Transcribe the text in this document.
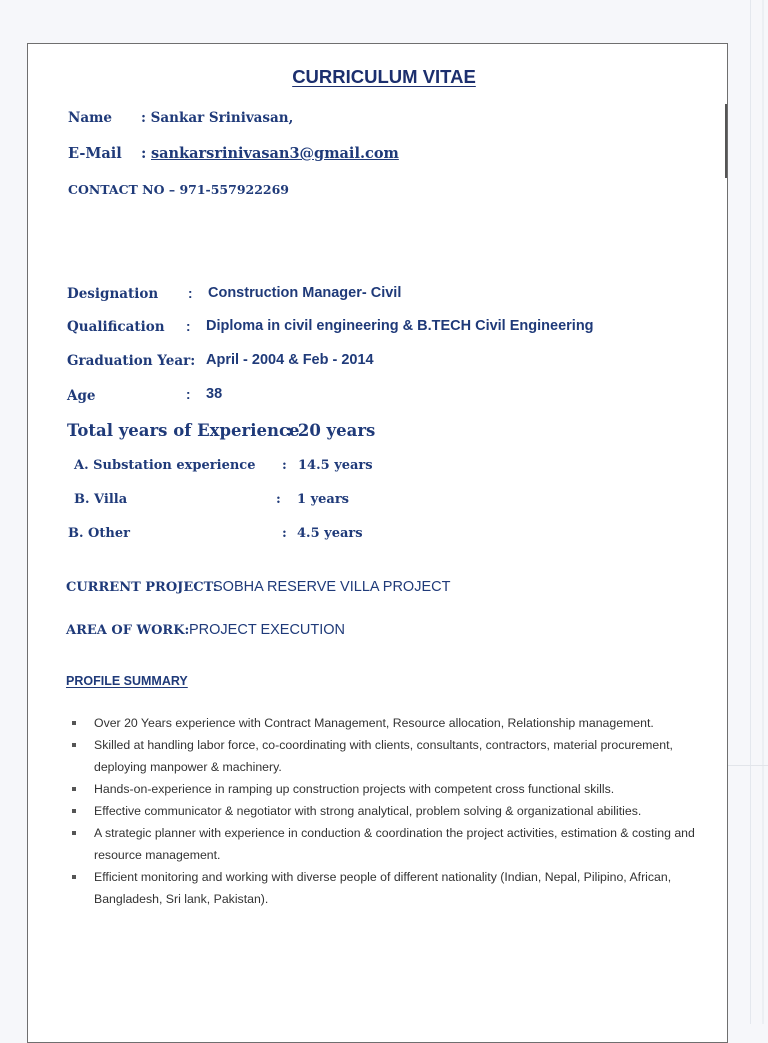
CURRICULUM VITAE
Name : Sankar Srinivasan,
E-Mail : sankarsrinivasan3@gmail.com
CONTACT NO – 971-557922269
Designation : Construction Manager- Civil
Qualification : Diploma in civil engineering & B.TECH Civil Engineering
Graduation Year: April - 2004 & Feb - 2014
Age	: 38
Total years of Experience
: 20 years
A. Substation experience : 14.5 years
B. Villa	: 1 years
B. Other	: 4.5 years
CURRENT PROJECT:
SOBHA RESERVE VILLA PROJECT
AREA OF WORK: PROJECT EXECUTION
PROFILE SUMMARY
Over 20 Years experience with Contract Management, Resource allocation, Relationship management.
Skilled at handling labor force, co-coordinating with clients, consultants, contractors, material procurement, deploying manpower & machinery.
Hands-on-experience in ramping up construction projects with competent cross functional skills.
Effective communicator & negotiator with strong analytical, problem solving & organizational abilities.
A strategic planner with experience in conduction & coordination the project activities, estimation & costing and resource management.
Efficient monitoring and working with diverse people of different nationality (Indian, Nepal, Pilipino, African, Bangladesh, Sri lank, Pakistan).
